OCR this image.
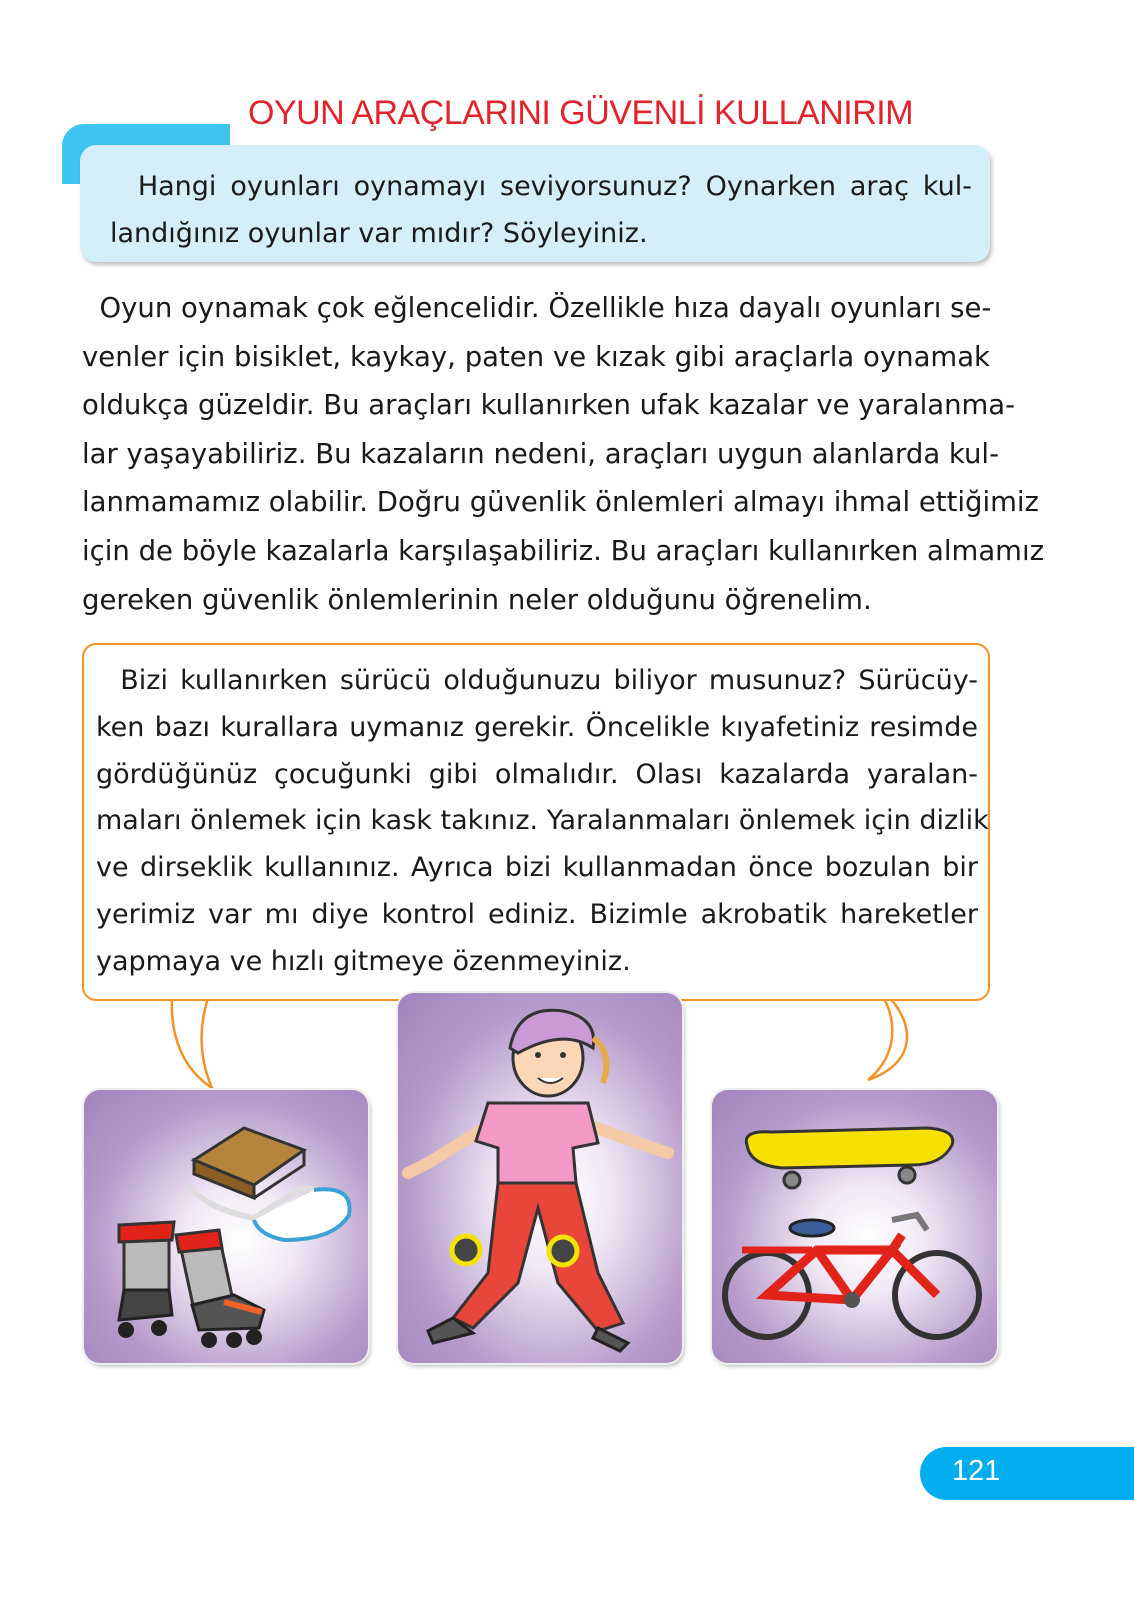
OYUN ARAÇLARINI GÜVENLİ KULLANIRIM
Hangi oyunları oynamayı seviyorsunuz? Oynarken araç kul-
landığınız oyunlar var mıdır? Söyleyiniz.
Oyun oynamak çok eğlencelidir. Özellikle hıza dayalı oyunları se-
venler için bisiklet, kaykay, paten ve kızak gibi araçlarla oynamak
oldukça güzeldir. Bu araçları kullanırken ufak kazalar ve yaralanma-
lar yaşayabiliriz. Bu kazaların nedeni, araçları uygun alanlarda kul-
lanmamamız olabilir. Doğru güvenlik önlemleri almayı ihmal ettiğimiz
için de böyle kazalarla karşılaşabiliriz. Bu araçları kullanırken almamız
gereken güvenlik önlemlerinin neler olduğunu öğrenelim.
Bizi kullanırken sürücü olduğunuzu biliyor musunuz? Sürücüy-
ken bazı kurallara uymanız gerekir. Öncelikle kıyafetiniz resimde
gördüğünüz çocuğunki gibi olmalıdır. Olası kazalarda yaralan-
maları önlemek için kask takınız. Yaralanmaları önlemek için dizlik
ve dirseklik kullanınız. Ayrıca bizi kullanmadan önce bozulan bir
yerimiz var mı diye kontrol ediniz. Bizimle akrobatik hareketler
yapmaya ve hızlı gitmeye özenmeyiniz.
121
